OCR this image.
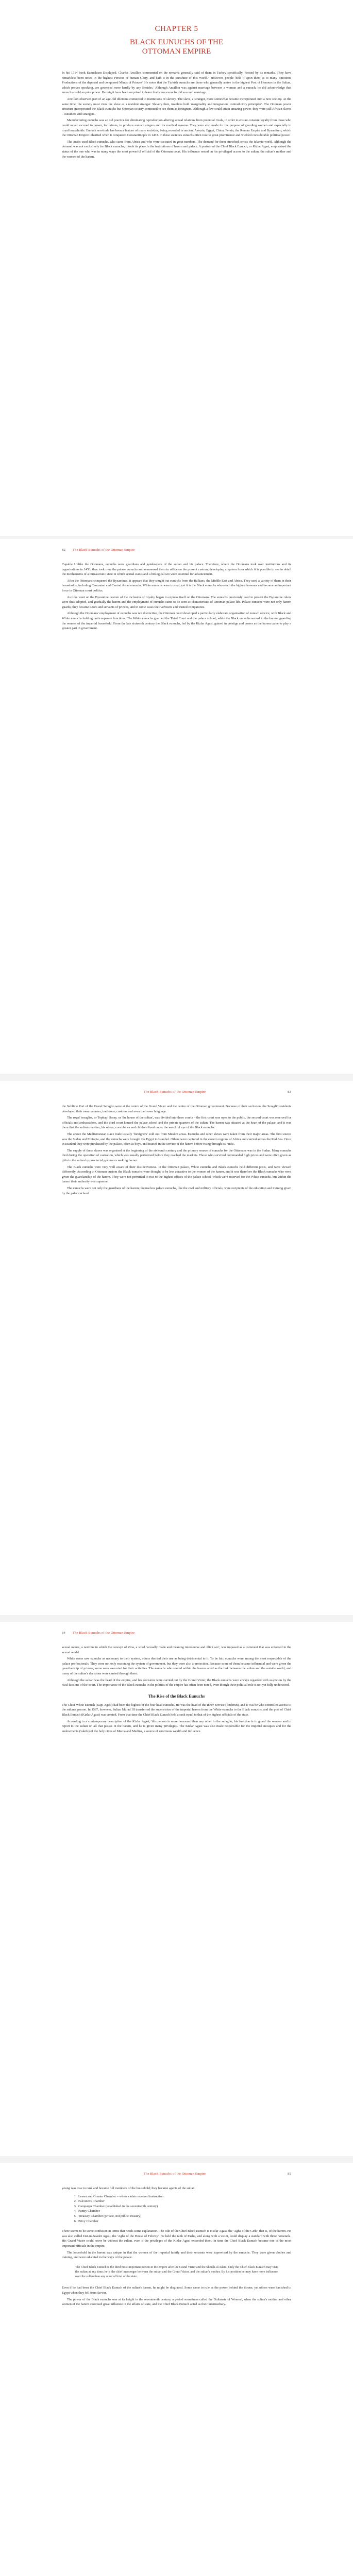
CHAPTER 5
BLACK EUNUCHS OF THE
OTTOMAN EMPIRE

In his 1714 book Eunuchism Displayed, Charles Ancillon commented on the remarks generally said of them in Turkey specifically. Fretted by its remarks. They have remarkless been noted in the highest Persons of human Glory, and hath it in the Sunshine of this World." However, people 'held it upon them as to many Emotions Productions of the deposed and conquered Minds of Princes'. He notes that the Turkish eunuchs are those who generally arrive in the highest Post of Honours in the Sultan, which proves speaking, are governed more hardly by any Besides.' Although Ancillon was against marriage between a woman and a eunuch, he did acknowledge that eunuchs could acquire power. He might have been surprised to learn that some eunuchs did succeed marriage.

Ancillon observed part of an age-old dilemma connected to institutions of slavery. The slave, a stranger, more somewhat became incorporated into a new society. At the same time, the society must view the slave as a resident stranger. Slavery then, involves both 'marginality and integration, contradictory principles'. The Ottoman power structure incorporated the Black eunuchs but Ottoman society continued to see them as foreigners. Although a few could attain amazing power, they were still African slaves – outsiders and strangers.

Manufacturing eunuchs was an old practice for eliminating reproduction-altering sexual relations from potential rivals, in order to ensure constant loyalty from those who could never succeed to power, for crimes, to produce eunuch singers and for medical reasons. They were also made for the purpose of guarding women and especially in royal households. Eunuch servitude has been a feature of many societies, being recorded in ancient Assyria, Egypt, China, Persia, the Roman Empire and Byzantium, which the Ottoman Empire inherited when it conquered Constantinople in 1453. In these societies eunuchs often rose to great prominence and wielded considerable political power.

The Arabs used Black eunuchs, who came from Africa and who were castrated in great numbers. The demand for them stretched across the Islamic world. Although the demand was not exclusively for Black eunuchs, it took its place in the institutions of harem and palace. A portrait of the Chief Black Eunuch, or Kizlar Agasi, emphasised the status of the one who was in many ways the most powerful official of the Ottoman court. His influence rested on his privileged access to the sultan, the sultan's mother and the women of the harem.

82	The Black Eunuchs of the Ottoman Empire

Capable Unlike the Ottomans, eunuchs were guardians and gatekeepers of the sultan and his palace. Therefore, where the Ottomans took over institutions and its organisations in 1453, they took over the palace eunuchs and reassessed them to office on the present custom, developing a system from which it is possible to see in detail the mechanisms of a bureaucratic state in which sexual status and a biological sex were essential for advancement.

After the Ottomans conquered the Byzantines, it appears that they sought out eunuchs from the Balkans, the Middle East and Africa. They used a variety of them in their households, including Caucasian and Central Asian eunuchs. White eunuchs were trusted, yet it is the Black eunuchs who reach the highest honours and became an important force in Ottoman court politics.

As time went on the Byzantine custom of the inclusion of royalty began to express itself on the Ottomans. The eunuchs previously used to protect the Byzantine rulers were thus adopted, and gradually the harem and the employment of eunuchs came to be seen as characteristic of Ottoman palace life. Palace eunuchs were not only harem guards; they became tutors and servants of princes, and in some cases their advisers and trusted companions.

Although the Ottomans' employment of eunuchs was not distinctive, the Ottoman court developed a particularly elaborate organisation of eunuch service, with Black and White eunuchs holding quite separate functions. The White eunuchs guarded the Third Court and the palace school, while the Black eunuchs served in the harem, guarding the women of the imperial household. From the late sixteenth century the Black eunuchs, led by the Kizlar Agasi, gained in prestige and power as the harem came to play a greater part in government.

The Black Eunuchs of the Ottoman Empire	83

the Sublime Port of the Grand Seraglio were at the centre of the Grand Vizier and the centre of the Ottoman government. Because of their seclusion, the Seraglio residents developed their own manners, traditions, customs and even their own language.

The royal 'seraglio', or Topkapi Saray, or 'the house of the sultan', was divided into three courts – the first court was open to the public, the second court was reserved for officials and ambassadors, and the third court housed the palace school and the private quarters of the sultan. The harem was situated at the heart of the palace, and it was there that the sultan's mother, his wives, concubines and children lived under the watchful eye of the Black eunuchs.

The above the Mediterranean slave trade usually 'foreigners' sold out from Muslim areas. Eunuchs and other slaves were taken from their major areas. The first source was the Sudan and Ethiopia, and the eunuchs were brought via Egypt to Istanbul. Others were captured in the eastern regions of Africa and carried across the Red Sea. Once in Istanbul they were purchased by the palace, often as boys, and trained in the service of the harem before rising through its ranks.

The supply of these slaves was organised at the beginning of the sixteenth century and the primary source of eunuchs for the Ottomans was in the Sudan. Many eunuchs died during the operation of castration, which was usually performed before they reached the markets. Those who survived commanded high prices and were often given as gifts to the sultan by provincial governors seeking favour.

The Black eunuchs were very well aware of their distinctiveness. In the Ottoman palace, White eunuchs and Black eunuchs held different posts, and were viewed differently. According to Ottoman custom the Black eunuchs were thought to be less attractive to the women of the harem, and it was therefore the Black eunuchs who were given the guardianship of the harem. They were not permitted to rise to the highest offices of the palace school, which were reserved for the White eunuchs, but within the harem their authority was supreme.

The eunuchs were not only the guardians of the harem; themselves palace eunuchs, like the civil and military officials, were recipients of the education and training given by the palace school.

84	The Black Eunuchs of the Ottoman Empire

sexual nature, a nervous in which the concept of Zina, a word 'sexually made and meaning intercourse and illicit sex', was imposed as a comment that was enforced in the sexual world.

While some saw eunuchs as necessary to their system, others decried their use as being detrimental to it. To be fair, eunuchs were among the most respectable of the palace professionals. They were not only reasoning the system of government, but they were also a protection. Because some of them became influential and were given the guardianship of princes, some were executed for their activities. The eunuchs who served within the harem acted as the link between the sultan and the outside world, and many of the sultan's decisions were carried through them.

Although the sultan was the head of the empire, and his decisions were carried out by the Grand Vizier, the Black eunuchs were always regarded with suspicion by the rival factions of the court. The importance of the Black eunuchs in the politics of the empire has often been noted, even though their political role is not yet fully understood.

The Rise of the Black Eunuchs

The Chief White Eunuch (Kapi Agasi) had been the highest of the four head eunuchs. He was the head of the Inner Service (Enderun), and it was he who controlled access to the sultan's person. In 1587, however, Sultan Murad III transferred the supervision of the imperial harem from the White eunuchs to the Black eunuchs, and the post of Chief Black Eunuch (Kizlar Agasi) was created. From that time the Chief Black Eunuch held a rank equal to that of the highest officials of the state.

According to a contemporary description of the Kizlar Agasi, 'this person is more honoured than any other in the seraglio; his function is to guard the women and to report to the sultan on all that passes in the harem, and he is given many privileges'. The Kizlar Agasi was also made responsible for the imperial mosques and for the endowments (vakifs) of the holy cities of Mecca and Medina, a source of enormous wealth and influence.

The Black Eunuchs of the Ottoman Empire	85

young was rose to rank and became full members of the household; they became agents of the sultan.

1. Lesser and Greater Chamber – where cadets received instruction
2. Falconer's Chamber
3. Campaign Chamber (established in the seventeenth century)
4. Pantry Chamber
5. Treasury Chamber (private, not public treasury)
6. Privy Chamber

There seems to be some confusion in terms that needs some explanation. The title of the Chief Black Eunuch is Kizlar Agasi, the 'Agha of the Girls', that is, of the harem. He was also called Dar-us-Saadet Agasi, the 'Agha of the House of Felicity'. He held the rank of Pasha, and along with a vizier, could display a standard with three horsetails. His Grand Vizier could never be without the sultan, even if the privileges of the Kizlar Agasi exceeded them. In time the Chief Black Eunuch became one of the most important officials in the empire.

The household in the harem was unique in that the women of the imperial family and their servants were supervised by the eunuchs. They were given clothes and training, and were educated in the ways of the palace.

The Chief Black Eunuch is the third most important person in the empire after the Grand Vizier and the Sheikh-ul-Islam. Only the Chief Black Eunuch may visit the sultan at any time; he is the chief messenger between the sultan and the Grand Vizier, and the sultan's mother. By his position he may have more influence over the sultan than any other official of the state.

Even if he had been the Chief Black Eunuch of the sultan's harem, he might be disgraced. Some came to rule as the power behind the throne, yet others were banished to Egypt when they fell from favour.

The power of the Black eunuchs was at its height in the seventeenth century, a period sometimes called the 'Sultanate of Women', when the sultan's mother and other women of the harem exercised great influence in the affairs of state, and the Chief Black Eunuch acted as their intermediary.
